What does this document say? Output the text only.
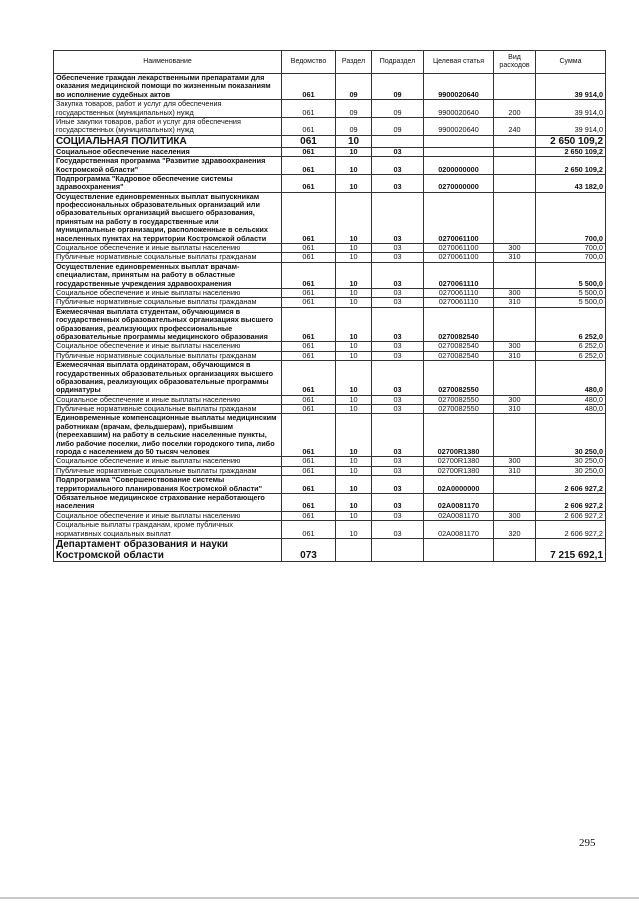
Наименование	Ведомство	Раздел	Подраздел	Целевая статья	Вид расходов	Сумма
Обеспечение граждан лекарственными препаратами для оказания медицинской помощи по жизненным показаниям во исполнение судебных актов	061	09	09	9900020640		39 914,0
Закупка товаров, работ и услуг для обеспечения государственных (муниципальных) нужд	061	09	09	9900020640	200	39 914,0
Иные закупки товаров, работ и услуг для обеспечения государственных (муниципальных) нужд	061	09	09	9900020640	240	39 914,0
СОЦИАЛЬНАЯ ПОЛИТИКА	061	10				2 650 109,2
Социальное обеспечение населения	061	10	03			2 650 109,2
Государственная программа "Развитие здравоохранения Костромской области"	061	10	03	0200000000		2 650 109,2
Подпрограмма "Кадровое обеспечение системы здравоохранения"	061	10	03	0270000000		43 182,0
Осуществление единовременных выплат выпускникам профессиональных образовательных организаций или образовательных организаций высшего образования, принятым на работу в государственные или муниципальные организации, расположенные в сельских населенных пунктах на территории Костромской области	061	10	03	0270061100		700,0
Социальное обеспечение и иные выплаты населению	061	10	03	0270061100	300	700,0
Публичные нормативные социальные выплаты гражданам	061	10	03	0270061100	310	700,0
Осуществление единовременных выплат врачам-специалистам, принятым на работу в областные государственные учреждения здравоохранения	061	10	03	0270061110		5 500,0
Социальное обеспечение и иные выплаты населению	061	10	03	0270061110	300	5 500,0
Публичные нормативные социальные выплаты гражданам	061	10	03	0270061110	310	5 500,0
Ежемесячная выплата студентам, обучающимся в государственных образовательных организациях высшего образования, реализующих профессиональные образовательные программы медицинского образования	061	10	03	0270082540		6 252,0
Социальное обеспечение и иные выплаты населению	061	10	03	0270082540	300	6 252,0
Публичные нормативные социальные выплаты гражданам	061	10	03	0270082540	310	6 252,0
Ежемесячная выплата ординаторам, обучающимся в государственных образовательных организациях высшего образования, реализующих образовательные программы ординатуры	061	10	03	0270082550		480,0
Социальное обеспечение и иные выплаты населению	061	10	03	0270082550	300	480,0
Публичные нормативные социальные выплаты гражданам	061	10	03	0270082550	310	480,0
Единовременные компенсационные выплаты медицинским работникам (врачам, фельдшерам), прибывшим (переехавшим) на работу в сельские населенные пункты, либо рабочие поселки, либо поселки городского типа, либо города с населением до 50 тысяч человек	061	10	03	02700R1380		30 250,0
Социальное обеспечение и иные выплаты населению	061	10	03	02700R1380	300	30 250,0
Публичные нормативные социальные выплаты гражданам	061	10	03	02700R1380	310	30 250,0
Подпрограмма "Совершенствование системы территориального планирования Костромской области"	061	10	03	02А0000000		2 606 927,2
Обязательное медицинское страхование неработающего населения	061	10	03	02А0081170		2 606 927,2
Социальное обеспечение и иные выплаты населению	061	10	03	02А0081170	300	2 606 927,2
Социальные выплаты гражданам, кроме публичных нормативных социальных выплат	061	10	03	02А0081170	320	2 606 927,2
Департамент образования и науки Костромской области	073					7 215 692,1
295
